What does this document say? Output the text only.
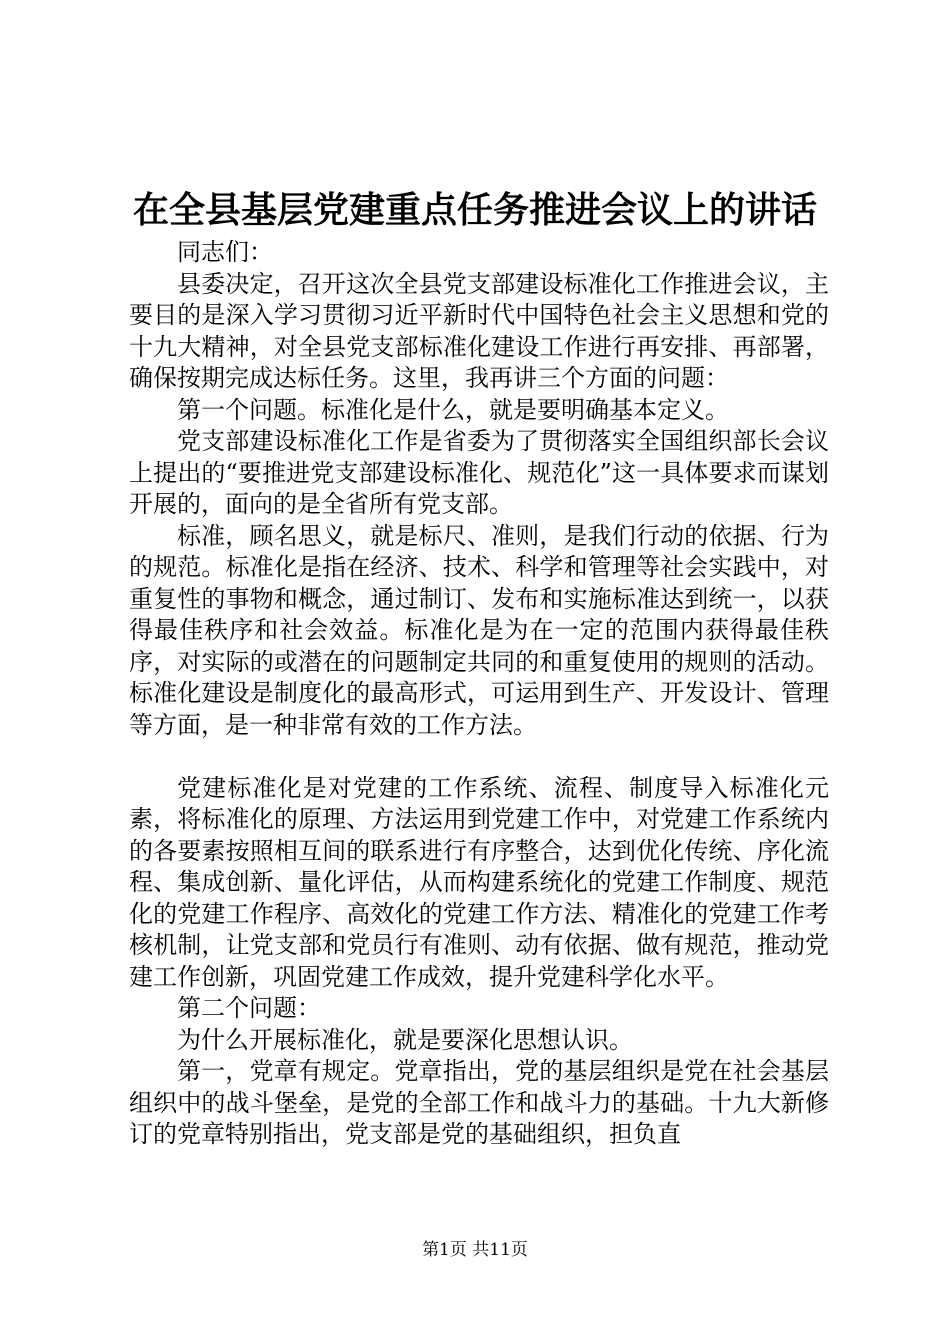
在全县基层党建重点任务推进会议上的讲话

同志们：

县委决定，召开这次全县党支部建设标准化工作推进会议，主要目的是深入学习贯彻习近平新时代中国特色社会主义思想和党的十九大精神，对全县党支部标准化建设工作进行再安排、再部署，确保按期完成达标任务。这里，我再讲三个方面的问题：

第一个问题。标准化是什么，就是要明确基本定义。

党支部建设标准化工作是省委为了贯彻落实全国组织部长会议上提出的“要推进党支部建设标准化、规范化”这一具体要求而谋划开展的，面向的是全省所有党支部。

标准，顾名思义，就是标尺、准则，是我们行动的依据、行为的规范。标准化是指在经济、技术、科学和管理等社会实践中，对重复性的事物和概念，通过制订、发布和实施标准达到统一，以获得最佳秩序和社会效益。标准化是为在一定的范围内获得最佳秩序，对实际的或潜在的问题制定共同的和重复使用的规则的活动。标准化建设是制度化的最高形式，可运用到生产、开发设计、管理等方面，是一种非常有效的工作方法。

党建标准化是对党建的工作系统、流程、制度导入标准化元素，将标准化的原理、方法运用到党建工作中，对党建工作系统内的各要素按照相互间的联系进行有序整合，达到优化传统、序化流程、集成创新、量化评估，从而构建系统化的党建工作制度、规范化的党建工作程序、高效化的党建工作方法、精准化的党建工作考核机制，让党支部和党员行有准则、动有依据、做有规范，推动党建工作创新，巩固党建工作成效，提升党建科学化水平。

第二个问题：

为什么开展标准化，就是要深化思想认识。

第一，党章有规定。党章指出，党的基层组织是党在社会基层组织中的战斗堡垒，是党的全部工作和战斗力的基础。十九大新修订的党章特别指出，党支部是党的基础组织，担负直

第1页 共11页
